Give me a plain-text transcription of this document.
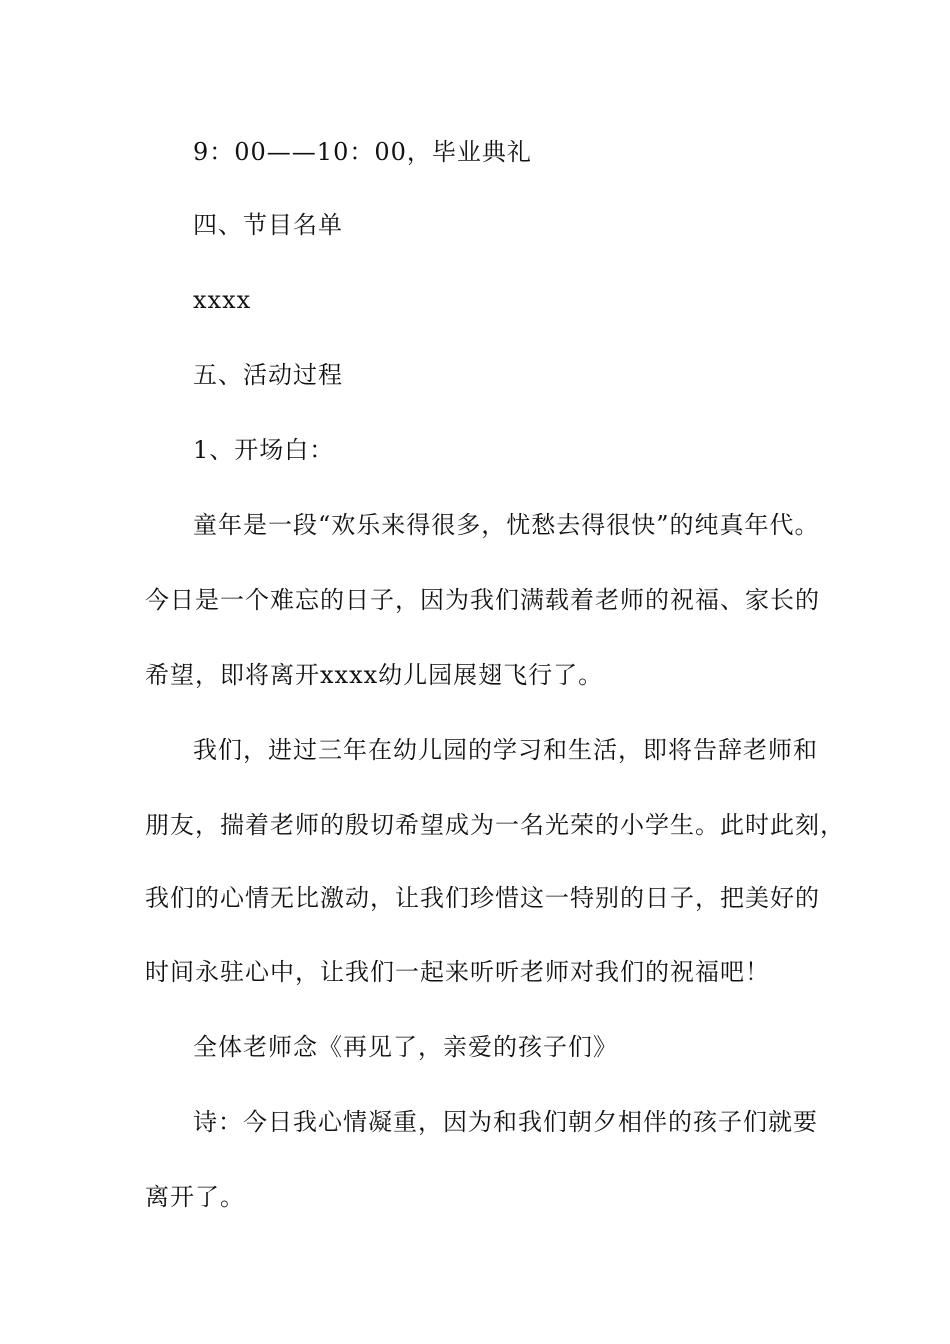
9：00——10：00，毕业典礼
四、节目名单
xxxx
五、活动过程
1、开场白：
童年是一段“欢乐来得很多，忧愁去得很快”的纯真年代。
今日是一个难忘的日子，因为我们满载着老师的祝福、家长的
希望，即将离开xxxx幼儿园展翅飞行了。
我们，进过三年在幼儿园的学习和生活，即将告辞老师和
朋友，揣着老师的殷切希望成为一名光荣的小学生。此时此刻，
我们的心情无比激动，让我们珍惜这一特别的日子，把美好的
时间永驻心中，让我们一起来听听老师对我们的祝福吧！
全体老师念《再见了，亲爱的孩子们》
诗：今日我心情凝重，因为和我们朝夕相伴的孩子们就要
离开了。
